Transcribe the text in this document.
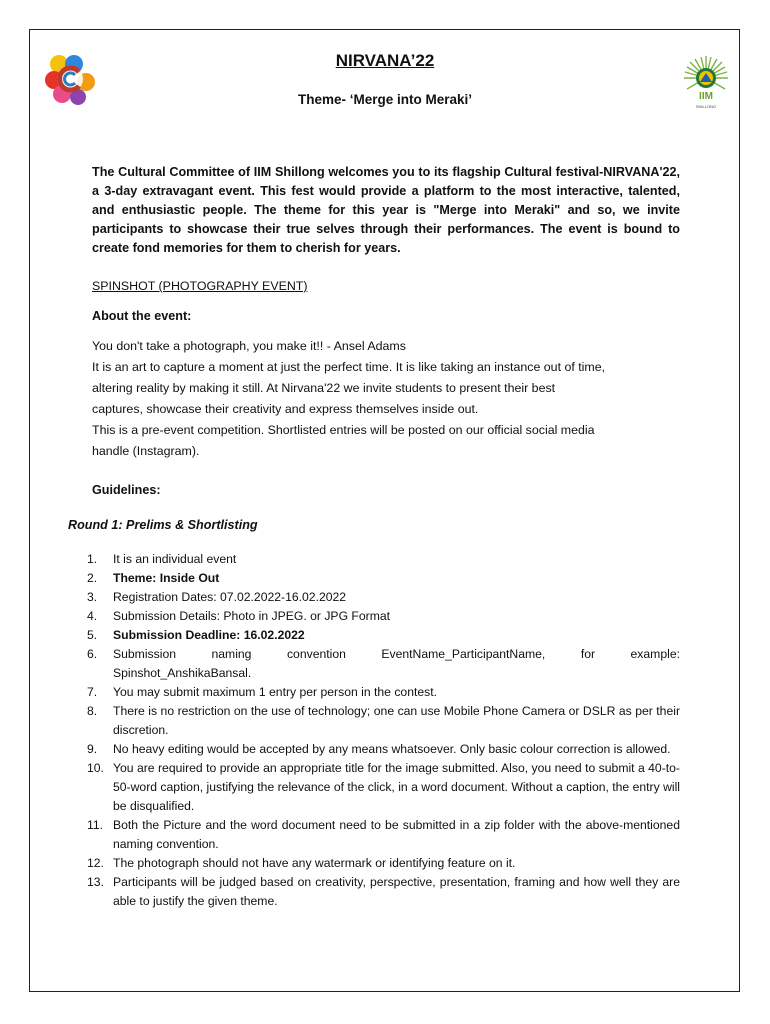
IIM
SHILLONG
NIRVANA’22
Theme- ‘Merge into Meraki’
The Cultural Committee of IIM Shillong welcomes you to its flagship Cultural festival-NIRVANA'22, a 3-day extravagant event. This fest would provide a platform to the most interactive, talented, and enthusiastic people. The theme for this year is "Merge into Meraki" and so, we invite participants to showcase their true selves through their performances. The event is bound to create fond memories for them to cherish for years.
SPINSHOT (PHOTOGRAPHY EVENT)
About the event:
You don't take a photograph, you make it!! - Ansel Adams
It is an art to capture a moment at just the perfect time. It is like taking an instance out of time,
altering reality by making it still. At Nirvana'22 we invite students to present their best
captures, showcase their creativity and express themselves inside out.
This is a pre-event competition. Shortlisted entries will be posted on our official social media
handle (Instagram).
Guidelines:
Round 1: Prelims & Shortlisting
1. It is an individual event
2. Theme: Inside Out
3. Registration Dates: 07.02.2022-16.02.2022
4. Submission Details: Photo in JPEG. or JPG Format
5. Submission Deadline: 16.02.2022
6. Submission	naming	convention	EventName_ParticipantName,	for	example:
Spinshot_AnshikaBansal.
7. You may submit maximum 1 entry per person in the contest.
8. There is no restriction on the use of technology; one can use Mobile Phone Camera or DSLR as per their discretion.
9. No heavy editing would be accepted by any means whatsoever. Only basic colour correction is allowed.
10. You are required to provide an appropriate title for the image submitted. Also, you need to submit a 40-to-50-word caption, justifying the relevance of the click, in a word document. Without a caption, the entry will be disqualified.
11. Both the Picture and the word document need to be submitted in a zip folder with the above-mentioned naming convention.
12. The photograph should not have any watermark or identifying feature on it.
13. Participants will be judged based on creativity, perspective, presentation, framing and how well they are able to justify the given theme.
